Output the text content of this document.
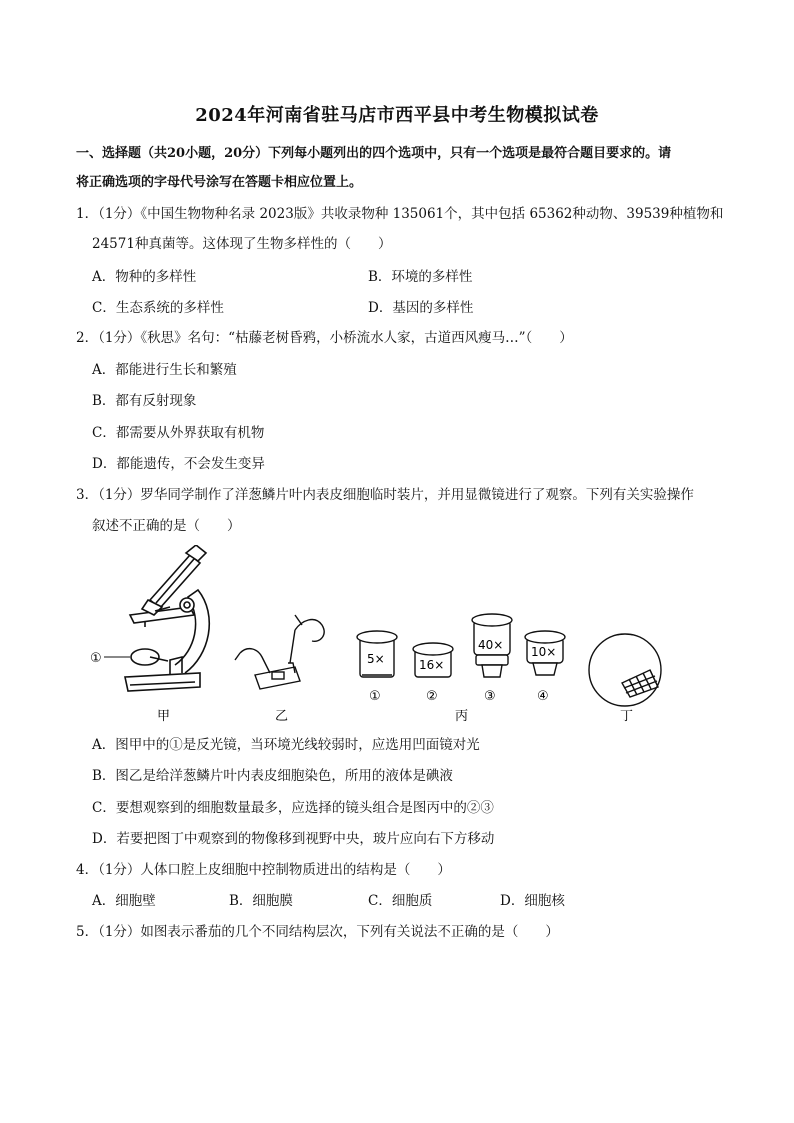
2024年河南省驻马店市西平县中考生物模拟试卷
一、选择题（共20小题，20分）下列每小题列出的四个选项中，只有一个选项是最符合题目要求的。请
将正确选项的字母代号涂写在答题卡相应位置上。
1．（1分）《中国生物物种名录 2023版》共收录物种 135061个，其中包括 65362种动物、39539种植物和
24571种真菌等。这体现了生物多样性的（　　）
A．物种的多样性	B．环境的多样性
C．生态系统的多样性	D．基因的多样性
2．（1分）《秋思》名句：“枯藤老树昏鸦，小桥流水人家，古道西风瘦马…”（　　）
A．都能进行生长和繁殖
B．都有反射现象
C．都需要从外界获取有机物
D．都能遗传，不会发生变异
3．（1分）罗华同学制作了洋葱鳞片叶内表皮细胞临时装片，并用显微镜进行了观察。下列有关实验操作
叙述不正确的是（　　）
①	5×	16×
40× 10×
①	②	③	④
甲	乙	丙	丁
A．图甲中的①是反光镜，当环境光线较弱时，应选用凹面镜对光
B．图乙是给洋葱鳞片叶内表皮细胞染色，所用的液体是碘液
C．要想观察到的细胞数量最多，应选择的镜头组合是图丙中的②③
D．若要把图丁中观察到的物像移到视野中央，玻片应向右下方移动
4．（1分）人体口腔上皮细胞中控制物质进出的结构是（　　）
A．细胞壁	B．细胞膜	C．细胞质	D．细胞核
5．（1分）如图表示番茄的几个不同结构层次，下列有关说法不正确的是（　　）
